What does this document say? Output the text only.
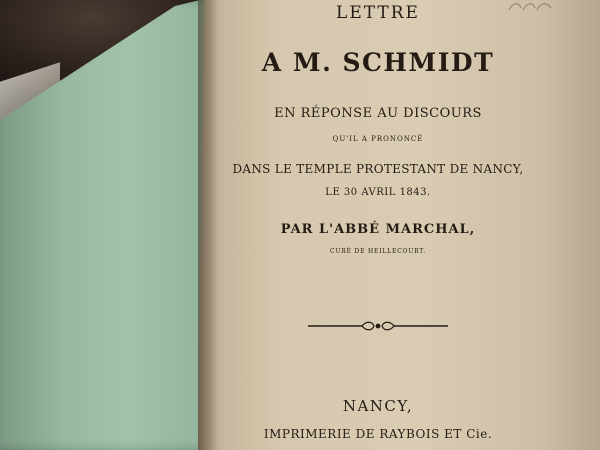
LETTRE
A M. SCHMIDT
EN RÉPONSE AU DISCOURS
QU'IL A PRONONCÉ
DANS LE TEMPLE PROTESTANT DE NANCY,
LE 30 AVRIL 1843.
PAR L'ABBÉ MARCHAL,
CURÉ DE HEILLECOURT.
NANCY,
IMPRIMERIE DE RAYBOIS ET Cie.
